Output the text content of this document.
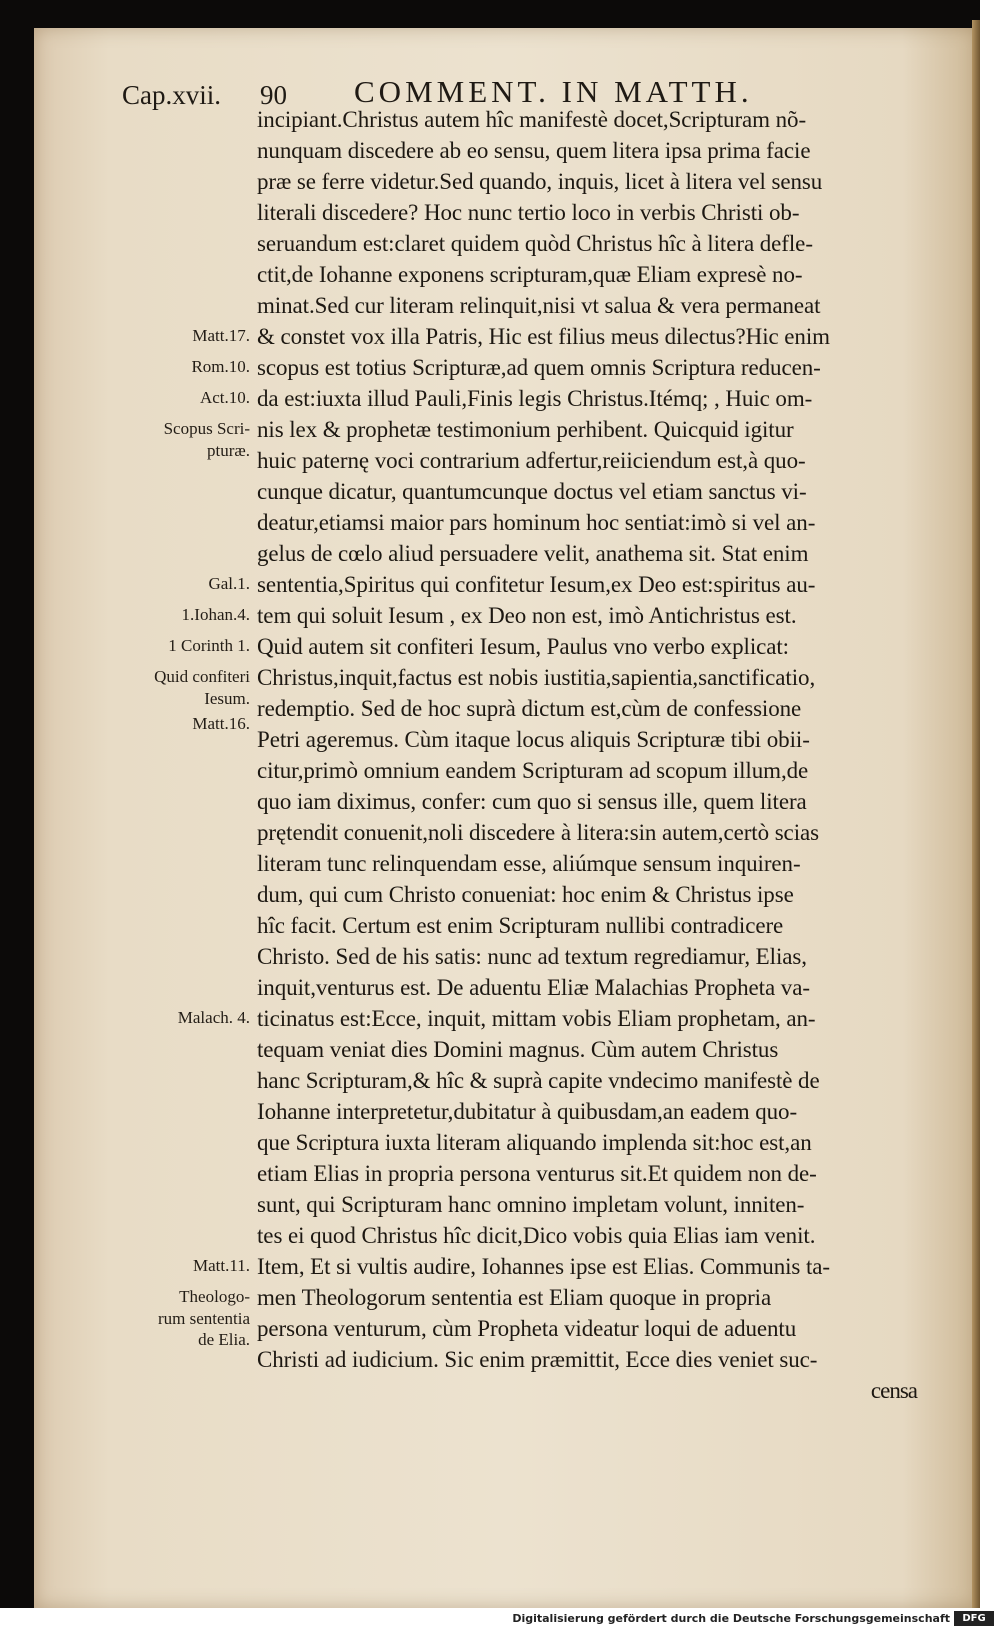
Cap.xvii. 90 COMMENT. IN MATTH.
incipiant.Christus autem hîc manifestè docet,Scripturam nõ-
nunquam discedere ab eo sensu, quem litera ipsa prima facie
præ se ferre videtur.Sed quando, inquis, licet à litera vel sensu
literali discedere? Hoc nunc tertio loco in verbis Christi ob-
seruandum est:claret quidem quòd Christus hîc à litera defle-
ctit,de Iohanne exponens scripturam,quæ Eliam expresè no-
minat.Sed cur literam relinquit,nisi vt salua & vera permaneat
& constet vox illa Patris, Hic est filius meus dilectus?Hic enim
scopus est totius Scripturæ,ad quem omnis Scriptura reducen-
da est:iuxta illud Pauli,Finis legis Christus.Itémq; , Huic om-
nis lex & prophetæ testimonium perhibent. Quicquid igitur
huic paternę voci contrarium adfertur,reiiciendum est,à quo-
cunque dicatur, quantumcunque doctus vel etiam sanctus vi-
deatur,etiamsi maior pars hominum hoc sentiat:imò si vel an-
gelus de cœlo aliud persuadere velit, anathema sit. Stat enim
sententia,Spiritus qui confitetur Iesum,ex Deo est:spiritus au-
tem qui soluit Iesum , ex Deo non est, imò Antichristus est.
Quid autem sit confiteri Iesum, Paulus vno verbo explicat:
Christus,inquit,factus est nobis iustitia,sapientia,sanctificatio,
redemptio. Sed de hoc suprà dictum est,cùm de confessione
Petri ageremus. Cùm itaque locus aliquis Scripturæ tibi obii-
citur,primò omnium eandem Scripturam ad scopum illum,de
quo iam diximus, confer: cum quo si sensus ille, quem litera
prętendit conuenit,noli discedere à litera:sin autem,certò scias
literam tunc relinquendam esse, aliúmque sensum inquiren-
dum, qui cum Christo conueniat: hoc enim & Christus ipse
hîc facit. Certum est enim Scripturam nullibi contradicere
Christo. Sed de his satis: nunc ad textum regrediamur, Elias,
inquit,venturus est. De aduentu Eliæ Malachias Propheta va-
ticinatus est:Ecce, inquit, mittam vobis Eliam prophetam, an-
tequam veniat dies Domini magnus. Cùm autem Christus
hanc Scripturam,& hîc & suprà capite vndecimo manifestè de
Iohanne interpretetur,dubitatur à quibusdam,an eadem quo-
que Scriptura iuxta literam aliquando implenda sit:hoc est,an
etiam Elias in propria persona venturus sit.Et quidem non de-
sunt, qui Scripturam hanc omnino impletam volunt, inniten-
tes ei quod Christus hîc dicit,Dico vobis quia Elias iam venit.
Item, Et si vultis audire, Iohannes ipse est Elias. Communis ta-
men Theologorum sententia est Eliam quoque in propria
persona venturum, cùm Propheta videatur loqui de aduentu
Christi ad iudicium. Sic enim præmittit, Ecce dies veniet suc-
censa
Matt.17.
Rom.10.
Act.10.
Scopus Scri-
pturæ.
Gal.1.
1.Iohan.4.
1 Corinth 1.
Quid confiteri
Iesum.
Matt.16.
Malach. 4.
Matt.11.
Theologo-
rum sententia
de Elia.
Digitalisierung gefördert durch die Deutsche Forschungsgemeinschaft	DFG
